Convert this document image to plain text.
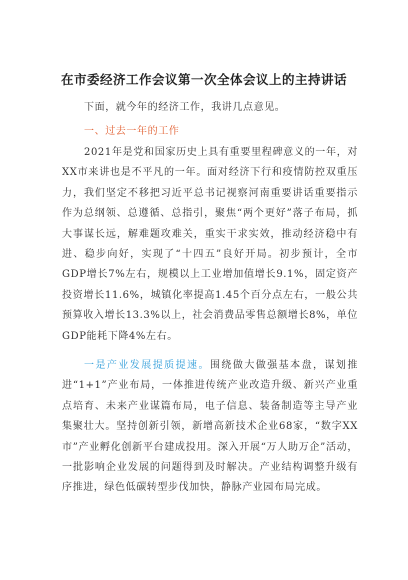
在市委经济工作会议第一次全体会议上的主持讲话
下面，就今年的经济工作，我讲几点意见。
一、过去一年的工作
2021年是党和国家历史上具有重要里程碑意义的一年，对XX市来讲也是不平凡的一年。面对经济下行和疫情防控双重压力，我们坚定不移把习近平总书记视察河南重要讲话重要指示作为总纲领、总遵循、总指引，聚焦“两个更好”落子布局，抓大事谋长远，解难题攻难关，重实干求实效，推动经济稳中有进、稳步向好，实现了“十四五”良好开局。初步预计，全市GDP增长7%左右，规模以上工业增加值增长9.1%，固定资产投资增长11.6%，城镇化率提高1.45个百分点左右，一般公共预算收入增长13.3%以上，社会消费品零售总额增长8%，单位GDP能耗下降4%左右。
一是产业发展提质提速。围绕做大做强基本盘，谋划推进“1+1”产业布局，一体推进传统产业改造升级、新兴产业重点培育、未来产业谋篇布局，电子信息、装备制造等主导产业集聚壮大。坚持创新引领，新增高新技术企业68家，“数字XX市”产业孵化创新平台建成投用。深入开展“万人助万企”活动，一批影响企业发展的问题得到及时解决。产业结构调整升级有序推进，绿色低碳转型步伐加快，静脉产业园布局完成。
